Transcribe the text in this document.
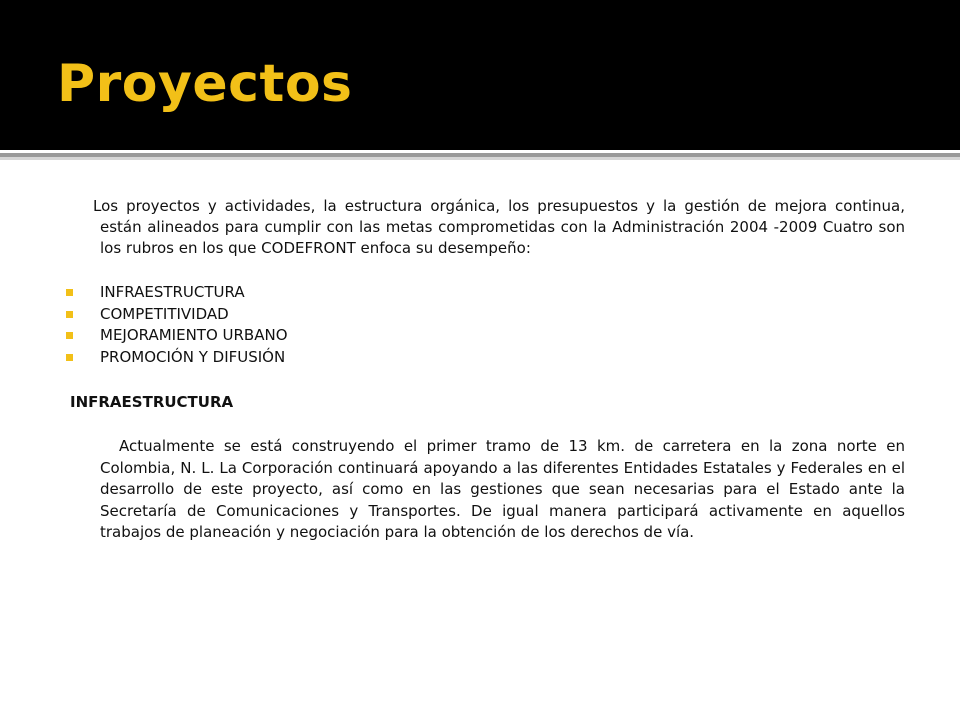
Proyectos

Los proyectos y actividades, la estructura orgánica, los presupuestos y la gestión de mejora continua, están alineados para cumplir con las metas comprometidas con la Administración 2004 -2009 Cuatro son los rubros en los que CODEFRONT enfoca su desempeño:

INFRAESTRUCTURA
COMPETITIVIDAD
MEJORAMIENTO URBANO
PROMOCIÓN Y DIFUSIÓN
INFRAESTRUCTURA

Actualmente se está construyendo el primer tramo de 13 km. de carretera en la zona norte en Colombia, N. L. La Corporación continuará apoyando a las diferentes Entidades Estatales y Federales en el desarrollo de este proyecto, así como en las gestiones que sean necesarias para el Estado ante la Secretaría de Comunicaciones y Transportes. De igual manera participará activamente en aquellos trabajos de planeación y negociación para la obtención de los derechos de vía.
